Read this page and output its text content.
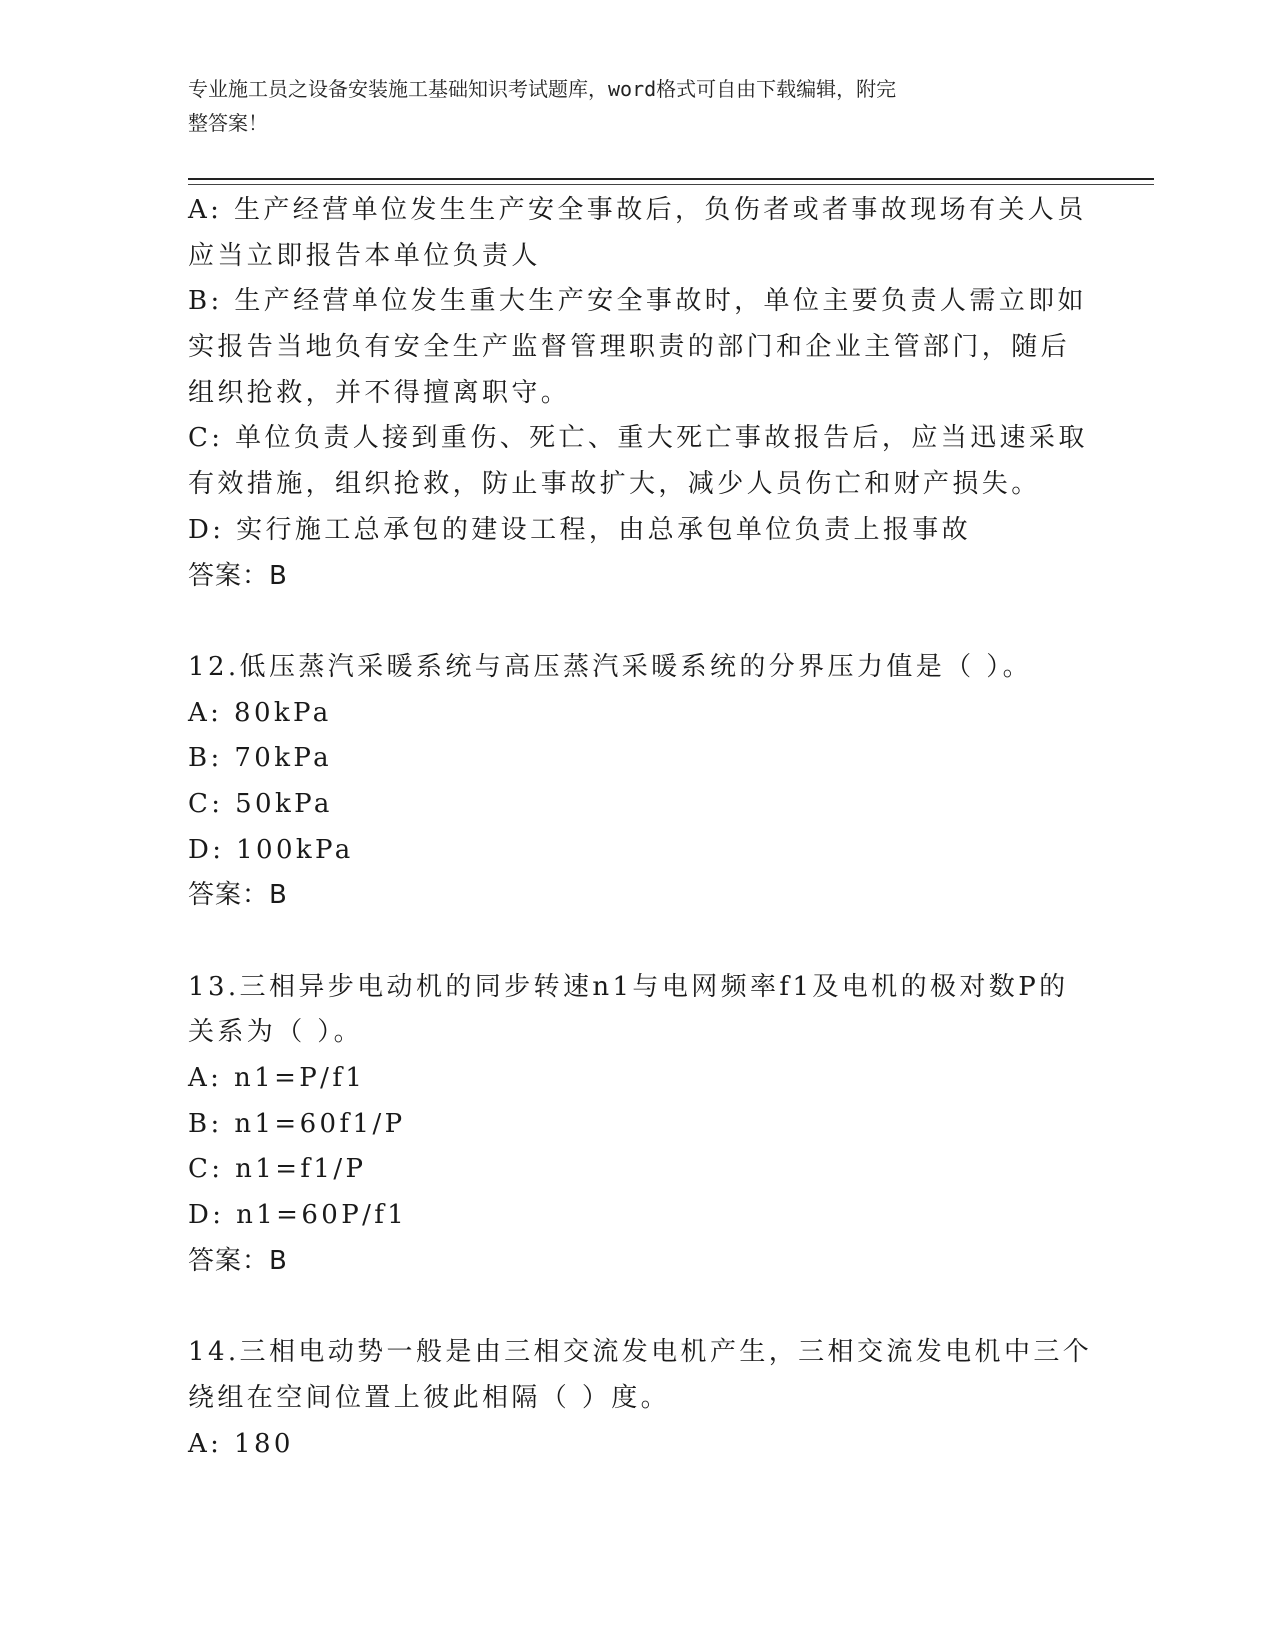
专业施工员之设备安装施工基础知识考试题库，word格式可自由下载编辑，附完
整答案！
A: 生产经营单位发生生产安全事故后，负伤者或者事故现场有关人员
应当立即报告本单位负责人
B: 生产经营单位发生重大生产安全事故时，单位主要负责人需立即如
实报告当地负有安全生产监督管理职责的部门和企业主管部门，随后
组织抢救，并不得擅离职守。
C: 单位负责人接到重伤、死亡、重大死亡事故报告后，应当迅速采取
有效措施，组织抢救，防止事故扩大，减少人员伤亡和财产损失。
D: 实行施工总承包的建设工程，由总承包单位负责上报事故
答案：B
12.低压蒸汽采暖系统与高压蒸汽采暖系统的分界压力值是（ ）。
A: 80kPa
B: 70kPa
C: 50kPa
D: 100kPa
答案：B
13.三相异步电动机的同步转速n1与电网频率f1及电机的极对数P的
关系为（ ）。
A: n1=P/f1
B: n1=60f1/P
C: n1=f1/P
D: n1=60P/f1
答案：B
14.三相电动势一般是由三相交流发电机产生，三相交流发电机中三个
绕组在空间位置上彼此相隔（ ）度。
A: 180
